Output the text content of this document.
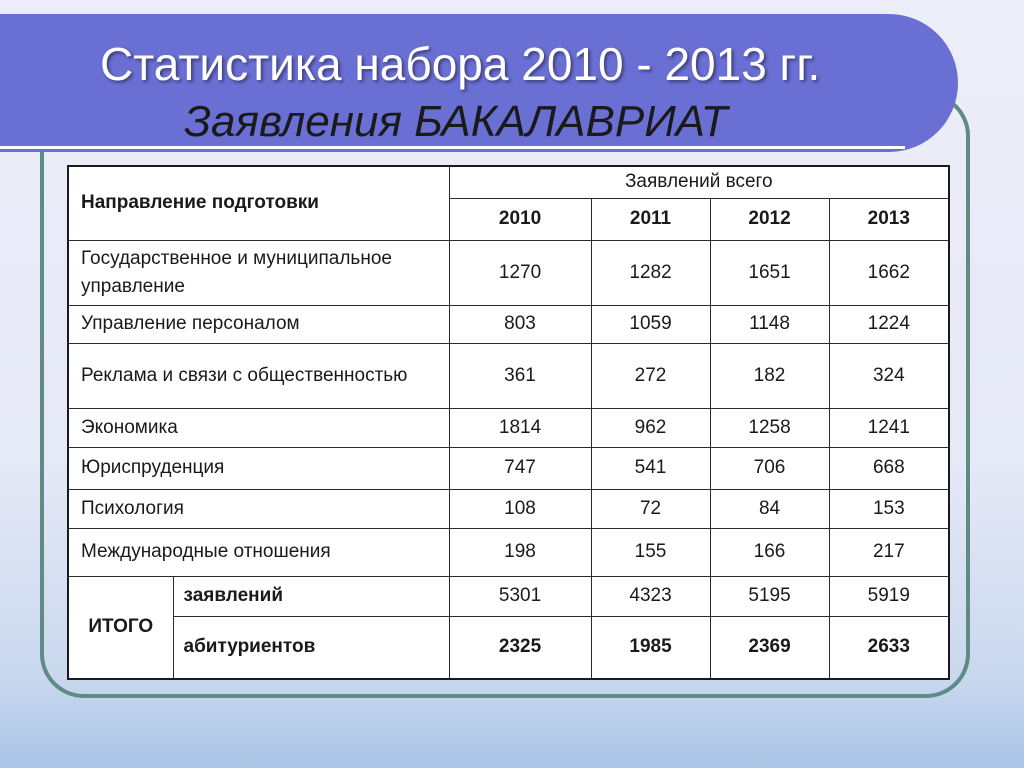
Статистика набора 2010 - 2013 гг.
Заявления БАКАЛАВРИАТ
Направление подготовки		Заявлений всего			
		2010	2011	2012	2013
Государственное и муниципальное управление		1270	1282	1651	1662
Управление персоналом		803	1059	1148	1224
Реклама и связи с общественностью		361	272	182	324
Экономика		1814	962	1258	1241
Юриспруденция		747	541	706	668
Психология		108	72	84	153
Международные отношения		198	155	166	217
ИТОГО	заявлений	5301	4323	5195	5919
	абитуриентов	2325	1985	2369	2633
